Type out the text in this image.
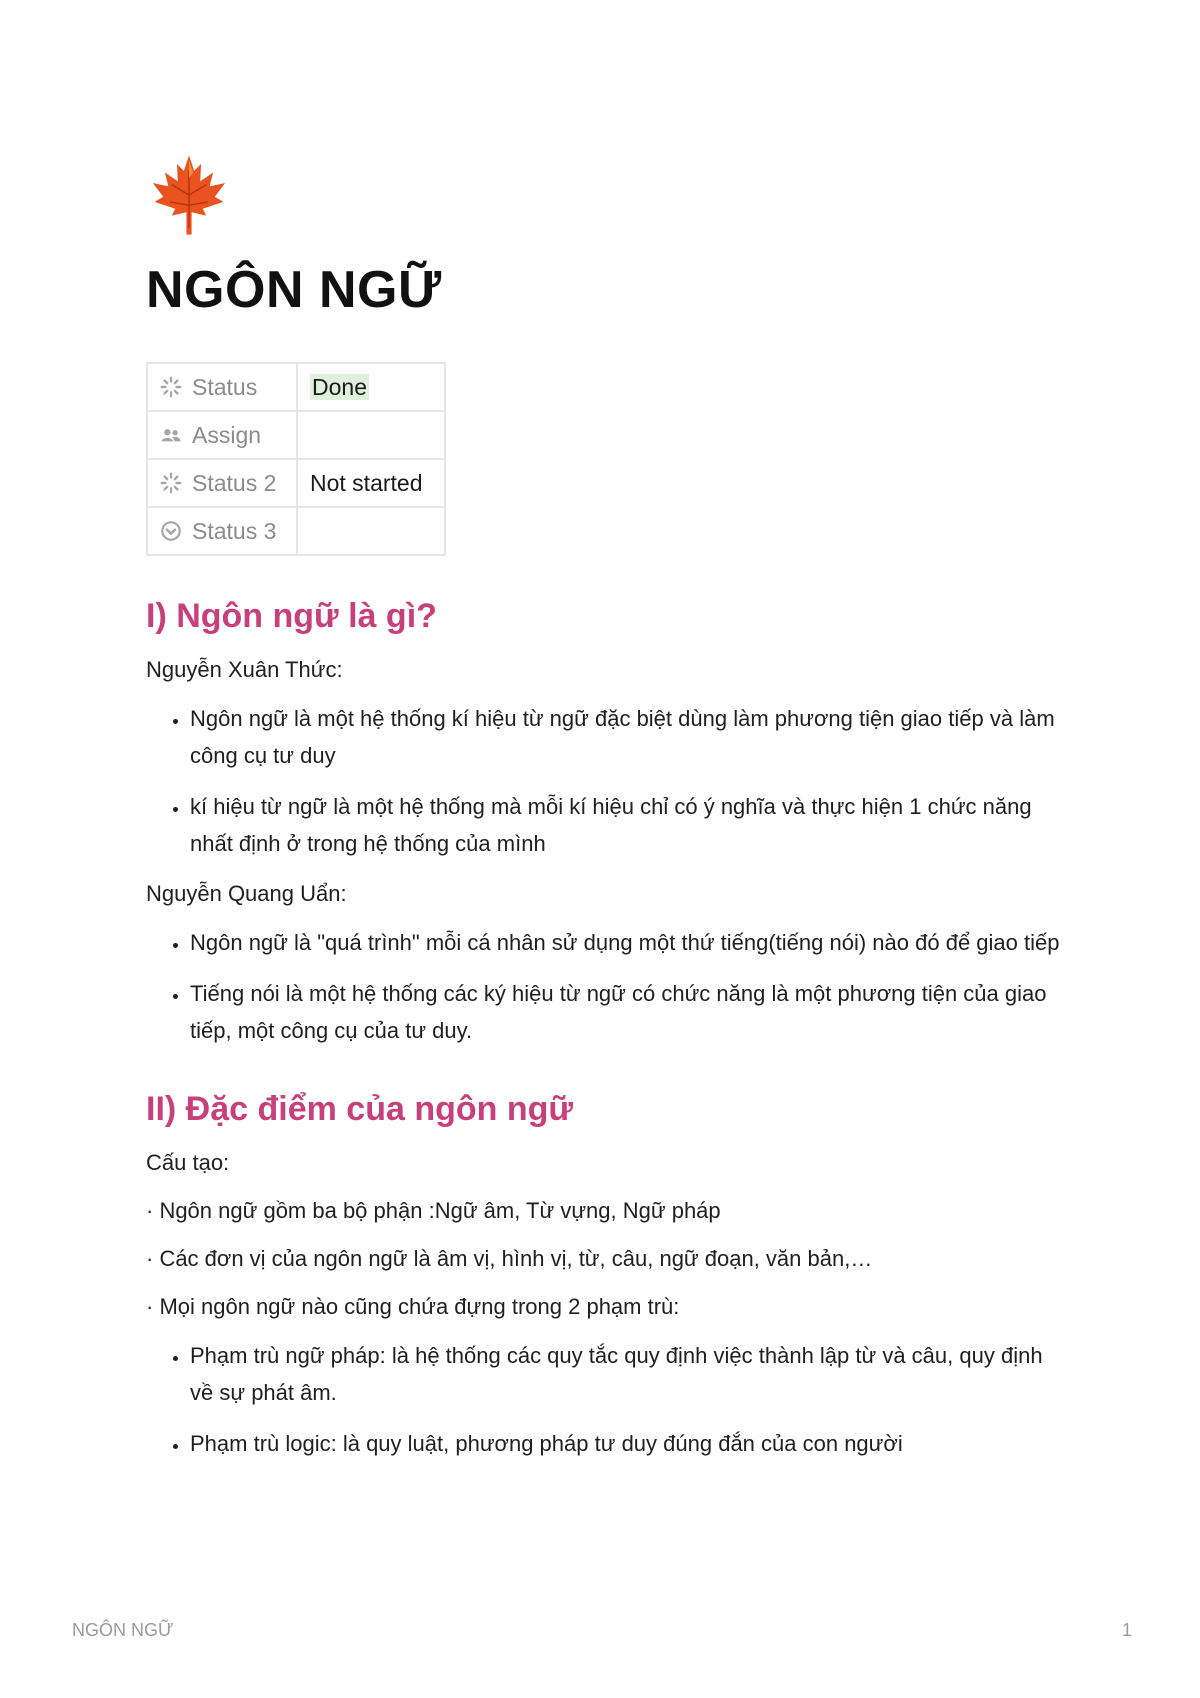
NGÔN NGỮ
Status	Done
Assign	
Status 2	Not started
Status 3	
I) Ngôn ngữ là gì?

Nguyễn Xuân Thức:

• Ngôn ngữ là một hệ thống kí hiệu từ ngữ đặc biệt dùng làm phương tiện giao tiếp và làm công cụ tư duy
• kí hiệu từ ngữ là một hệ thống mà mỗi kí hiệu chỉ có ý nghĩa và thực hiện 1 chức năng nhất định ở trong hệ thống của mình

Nguyễn Quang Uẩn:

• Ngôn ngữ là "quá trình" mỗi cá nhân sử dụng một thứ tiếng(tiếng nói) nào đó để giao tiếp
• Tiếng nói là một hệ thống các ký hiệu từ ngữ có chức năng là một phương tiện của giao tiếp, một công cụ của tư duy.
II) Đặc điểm của ngôn ngữ

Cấu tạo:

· Ngôn ngữ gồm ba bộ phận :Ngữ âm, Từ vựng, Ngữ pháp

· Các đơn vị của ngôn ngữ là âm vị, hình vị, từ, câu, ngữ đoạn, văn bản,…

· Mọi ngôn ngữ nào cũng chứa đựng trong 2 phạm trù:

• Phạm trù ngữ pháp: là hệ thống các quy tắc quy định việc thành lập từ và câu, quy định về sự phát âm.
• Phạm trù logic: là quy luật, phương pháp tư duy đúng đắn của con người
NGÔN NGỮ	1
